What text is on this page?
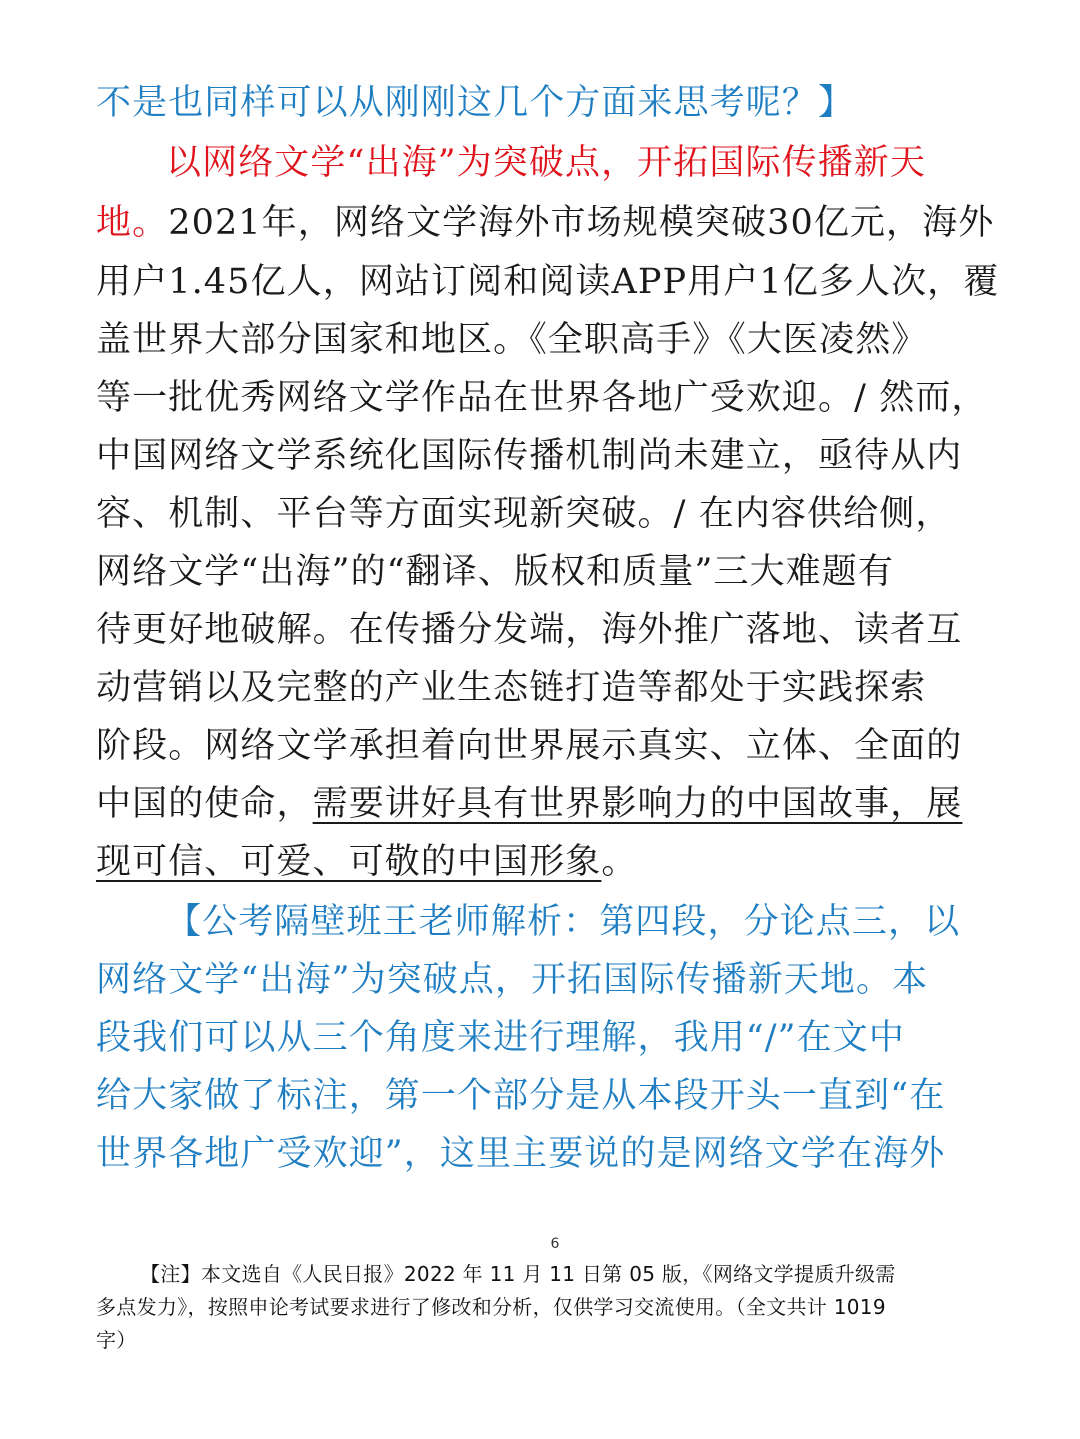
不是也同样可以从刚刚这几个方面来思考呢？】
以网络文学“出海”为突破点，开拓国际传播新天
地。2021年，网络文学海外市场规模突破30亿元，海外
用户1.45亿人，网站订阅和阅读APP用户1亿多人次，覆
盖世界大部分国家和地区。《全职高手》《大医凌然》
等一批优秀网络文学作品在世界各地广受欢迎。/ 然而，
中国网络文学系统化国际传播机制尚未建立，亟待从内
容、机制、平台等方面实现新突破。/ 在内容供给侧，
网络文学“出海”的“翻译、版权和质量”三大难题有
待更好地破解。在传播分发端，海外推广落地、读者互
动营销以及完整的产业生态链打造等都处于实践探索
阶段。网络文学承担着向世界展示真实、立体、全面的
中国的使命，需要讲好具有世界影响力的中国故事，展
现可信、可爱、可敬的中国形象。
【公考隔壁班王老师解析：第四段，分论点三，以
网络文学“出海”为突破点，开拓国际传播新天地。本
段我们可以从三个角度来进行理解，我用“/”在文中
给大家做了标注，第一个部分是从本段开头一直到“在
世界各地广受欢迎”，这里主要说的是网络文学在海外
6
【注】本文选自《人民日报》2022 年 11 月 11 日第 05 版，《网络文学提质升级需
多点发力》，按照申论考试要求进行了修改和分析，仅供学习交流使用。（全文共计 1019
字）
